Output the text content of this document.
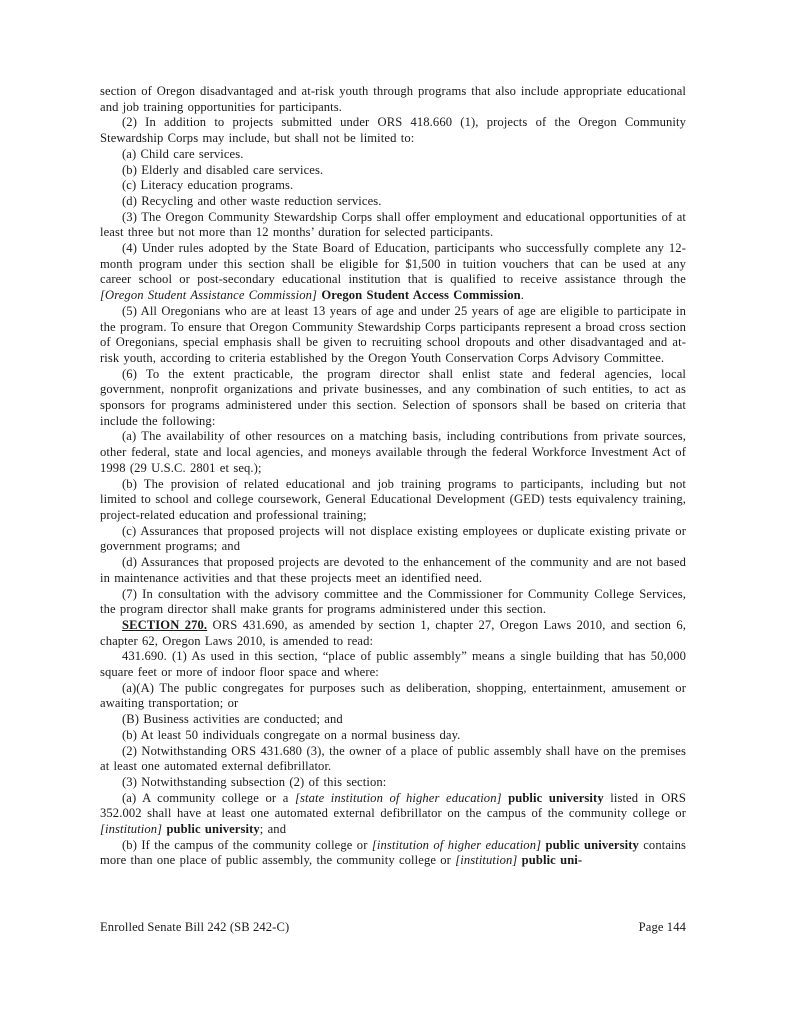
section of Oregon disadvantaged and at-risk youth through programs that also include appropriate educational and job training opportunities for participants.

(2) In addition to projects submitted under ORS 418.660 (1), projects of the Oregon Community Stewardship Corps may include, but shall not be limited to:

(a) Child care services.

(b) Elderly and disabled care services.

(c) Literacy education programs.

(d) Recycling and other waste reduction services.

(3) The Oregon Community Stewardship Corps shall offer employment and educational opportunities of at least three but not more than 12 months’ duration for selected participants.

(4) Under rules adopted by the State Board of Education, participants who successfully complete any 12-month program under this section shall be eligible for $1,500 in tuition vouchers that can be used at any career school or post-secondary educational institution that is qualified to receive assistance through the [Oregon Student Assistance Commission] Oregon Student Access Commission.

(5) All Oregonians who are at least 13 years of age and under 25 years of age are eligible to participate in the program. To ensure that Oregon Community Stewardship Corps participants represent a broad cross section of Oregonians, special emphasis shall be given to recruiting school dropouts and other disadvantaged and at-risk youth, according to criteria established by the Oregon Youth Conservation Corps Advisory Committee.

(6) To the extent practicable, the program director shall enlist state and federal agencies, local government, nonprofit organizations and private businesses, and any combination of such entities, to act as sponsors for programs administered under this section. Selection of sponsors shall be based on criteria that include the following:

(a) The availability of other resources on a matching basis, including contributions from private sources, other federal, state and local agencies, and moneys available through the federal Workforce Investment Act of 1998 (29 U.S.C. 2801 et seq.);

(b) The provision of related educational and job training programs to participants, including but not limited to school and college coursework, General Educational Development (GED) tests equivalency training, project-related education and professional training;

(c) Assurances that proposed projects will not displace existing employees or duplicate existing private or government programs; and

(d) Assurances that proposed projects are devoted to the enhancement of the community and are not based in maintenance activities and that these projects meet an identified need.

(7) In consultation with the advisory committee and the Commissioner for Community College Services, the program director shall make grants for programs administered under this section.

SECTION 270. ORS 431.690, as amended by section 1, chapter 27, Oregon Laws 2010, and section 6, chapter 62, Oregon Laws 2010, is amended to read:

431.690. (1) As used in this section, “place of public assembly” means a single building that has 50,000 square feet or more of indoor floor space and where:

(a)(A) The public congregates for purposes such as deliberation, shopping, entertainment, amusement or awaiting transportation; or

(B) Business activities are conducted; and

(b) At least 50 individuals congregate on a normal business day.

(2) Notwithstanding ORS 431.680 (3), the owner of a place of public assembly shall have on the premises at least one automated external defibrillator.

(3) Notwithstanding subsection (2) of this section:

(a) A community college or a [state institution of higher education] public university listed in ORS 352.002 shall have at least one automated external defibrillator on the campus of the community college or [institution] public university; and

(b) If the campus of the community college or [institution of higher education] public university contains more than one place of public assembly, the community college or [institution] public uni-

Enrolled Senate Bill 242 (SB 242-C)	Page 144
